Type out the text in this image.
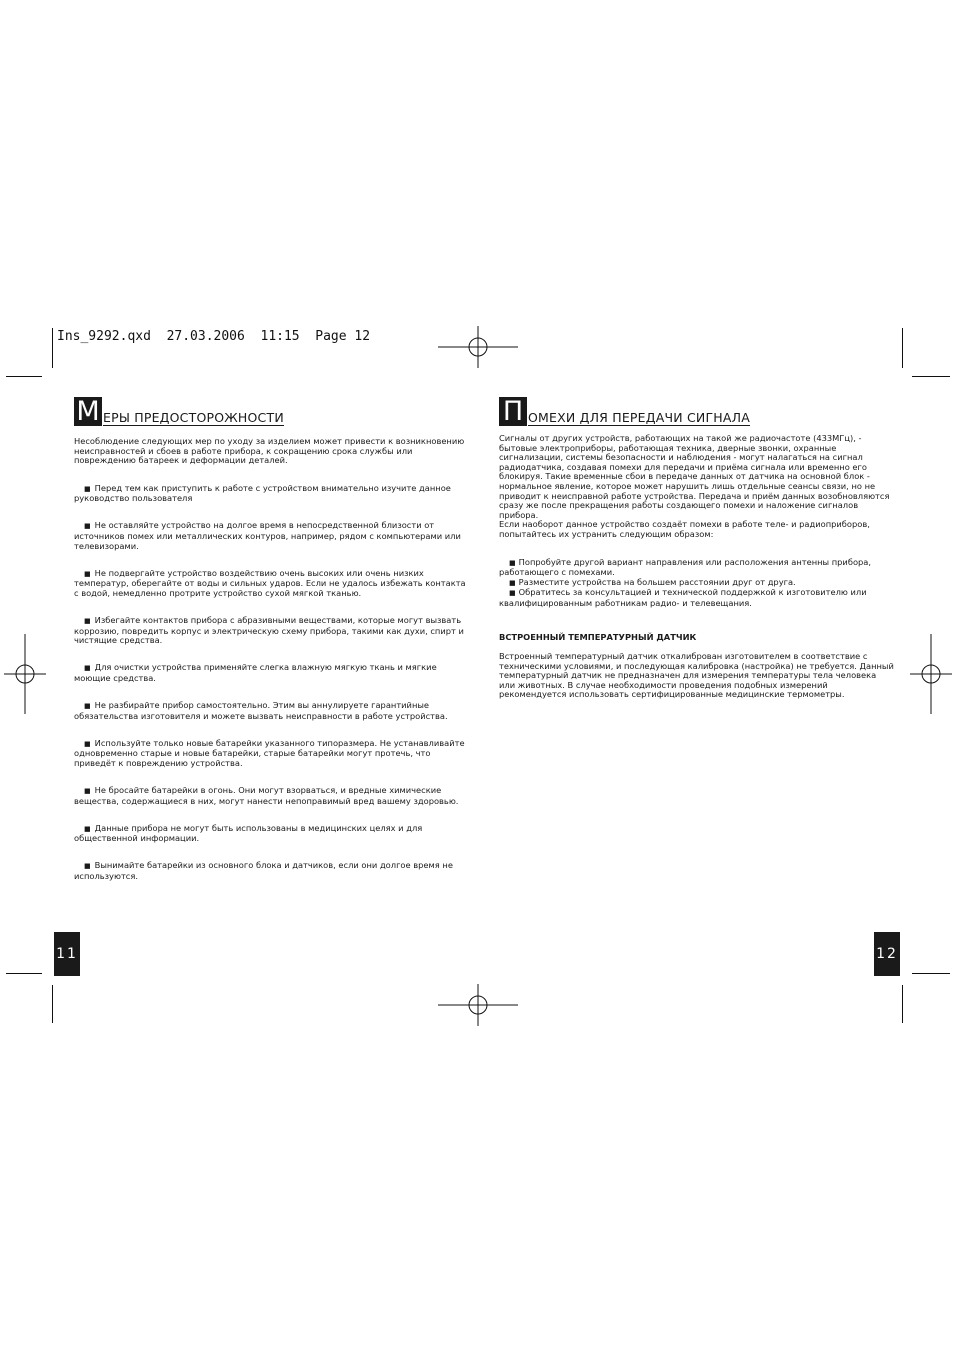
Ins_9292.qxd  27.03.2006  11:15  Page 12
М ЕРЫ ПРЕДОСТОРОЖНОСТИ

Несоблюдение следующих мер по уходу за изделием может привести к возникновению неисправностей и сбоев в работе прибора, к сокращению срока службы или повреждению батареек и деформации деталей.

■ Перед тем как приступить к работе с устройством внимательно изучите данное руководство пользователя

■ Не оставляйте устройство на долгое время в непосредственной близости от источников помех или металлических контуров, например, рядом с компьютерами или телевизорами.

■ Не подвергайте устройство воздействию очень высоких или очень низких температур, оберегайте от воды и сильных ударов. Если не удалось избежать контакта с водой, немедленно протрите устройство сухой мягкой тканью.

■ Избегайте контактов прибора с абразивными веществами, которые могут вызвать коррозию, повредить корпус и электрическую схему прибора, такими как духи, спирт и чистящие средства.

■ Для очистки устройства применяйте слегка влажную мягкую ткань и мягкие моющие средства.

■ Не разбирайте прибор самостоятельно. Этим вы аннулируете гарантийные обязательства изготовителя и можете вызвать неисправности в работе устройства.

■ Используйте только новые батарейки указанного типоразмера. Не устанавливайте одновременно старые и новые батарейки, старые батарейки могут протечь, что приведёт к повреждению устройства.

■ Не бросайте батарейки в огонь. Они могут взорваться, и вредные химические вещества, содержащиеся в них, могут нанести непоправимый вред вашему здоровью.

■ Данные прибора не могут быть использованы в медицинских целях и для общественной информации.

■ Вынимайте батарейки из основного блока и датчиков, если они долгое время не используются.

11
П ОМЕХИ ДЛЯ ПЕРЕДАЧИ СИГНАЛА

Сигналы от других устройств, работающих на такой же радиочастоте (433МГц), - бытовые электроприборы, работающая техника, дверные звонки, охранные сигнализации, системы безопасности и наблюдения - могут налагаться на сигнал радиодатчика, создавая помехи для передачи и приёма сигнала или временно его блокируя. Такие временные сбои в передаче данных от датчика на основной блок - нормальное явление, которое может нарушить лишь отдельные сеансы связи, но не приводит к неисправной работе устройства. Передача и приём данных возобновляются сразу же после прекращения работы создающего помехи и наложение сигналов прибора.

Если наоборот данное устройство создаёт помехи в работе теле- и радиоприборов, попытайтесь их устранить следующим образом:

■ Попробуйте другой вариант направления или расположения антенны прибора, работающего с помехами.

■ Разместите устройства на большем расстоянии друг от друга.

■ Обратитесь за консультацией и технической поддержкой к изготовителю или квалифицированным работникам радио- и телевещания.

ВСТРОЕННЫЙ ТЕМПЕРАТУРНЫЙ ДАТЧИК

Встроенный температурный датчик откалиброван изготовителем в соответствие с техническими условиями, и последующая калибровка (настройка) не требуется. Данный температурный датчик не предназначен для измерения температуры тела человека или животных. В случае необходимости проведения подобных измерений рекомендуется использовать сертифицированные медицинские термометры.

12
